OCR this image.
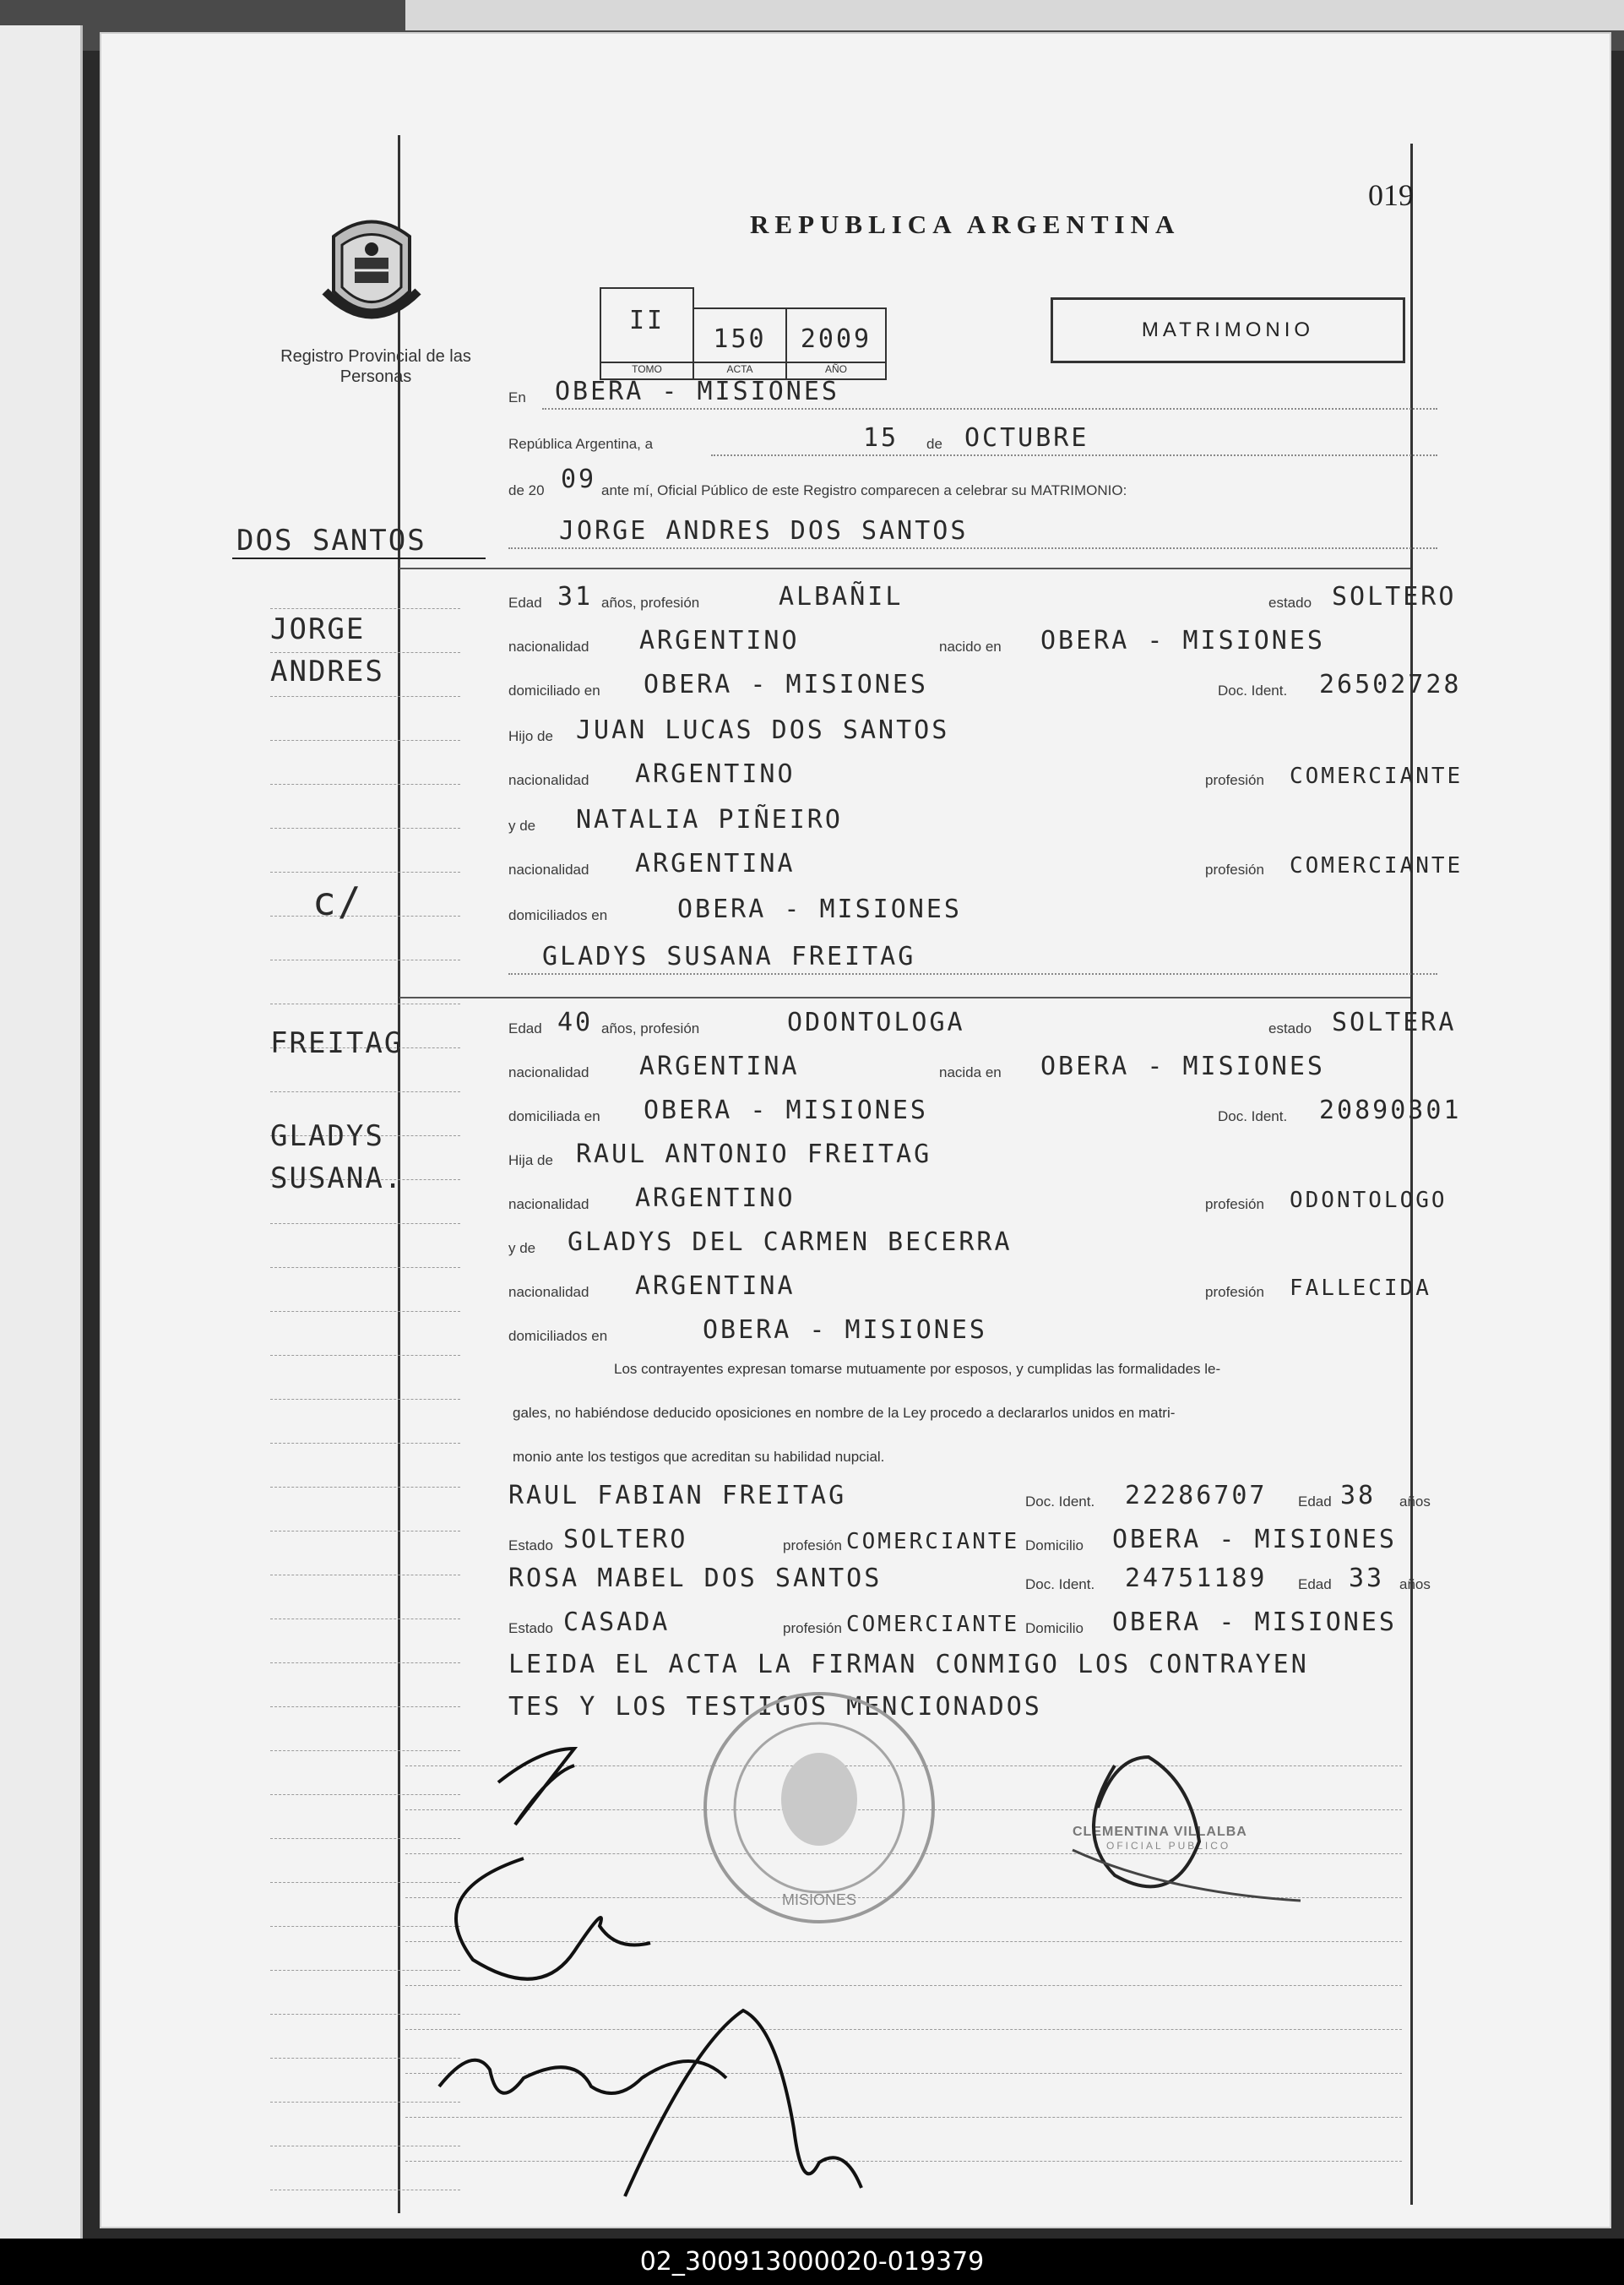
Registro Provincial de las Personas
REPUBLICA ARGENTINA
019
II
TOMO
150
ACTA
2009
AÑO
MATRIMONIO
DOS SANTOS
JORGE
ANDRES
c/
FREITAG
GLADYS
SUSANA.
En OBERA - MISIONES
República Argentina, a	15 de OCTUBRE
de 20 09 ante mí, Oficial Público de este Registro comparecen a celebrar su MATRIMONIO:
JORGE ANDRES DOS SANTOS
Edad 31 años, profesión	ALBAÑIL	estado SOLTERO
nacionalidad ARGENTINO	nacido en OBERA - MISIONES
domiciliado en OBERA - MISIONES	Doc. Ident. 26502728
Hijo de JUAN LUCAS DOS SANTOS
nacionalidad ARGENTINO	profesión COMERCIANTE
y de NATALIA PIÑEIRO
nacionalidad ARGENTINA	profesión COMERCIANTE
domiciliados en	OBERA - MISIONES
GLADYS SUSANA FREITAG
Edad 40 años, profesión	ODONTOLOGA	estado SOLTERA
nacionalidad ARGENTINA	nacida en OBERA - MISIONES
domiciliada en OBERA - MISIONES	Doc. Ident. 20890301
Hija de RAUL ANTONIO FREITAG
nacionalidad ARGENTINO	profesión ODONTOLOGO
y de GLADYS DEL CARMEN BECERRA
nacionalidad ARGENTINA	profesión FALLECIDA
domiciliados en	OBERA - MISIONES
Los contrayentes expresan tomarse mutuamente por esposos, y cumplidas las formalidades le-
gales, no habiéndose deducido oposiciones en nombre de la Ley procedo a declararlos unidos en matri-
monio ante los testigos que acreditan su habilidad nupcial.
RAUL FABIAN FREITAG	Doc. Ident. 22286707 Edad 38 años
Estado SOLTERO	profesión COMERCIANTE Domicilio OBERA - MISIONES
ROSA MABEL DOS SANTOS	Doc. Ident. 24751189 Edad 33 años
Estado CASADA	profesión COMERCIANTE Domicilio OBERA - MISIONES
LEIDA EL ACTA LA FIRMAN CONMIGO LOS CONTRAYEN
TES Y LOS TESTIGOS MENCIONADOS
MISIONES
CLEMENTINA VILLALBA
OFICIAL PUBLICO
02_300913000020-019379
